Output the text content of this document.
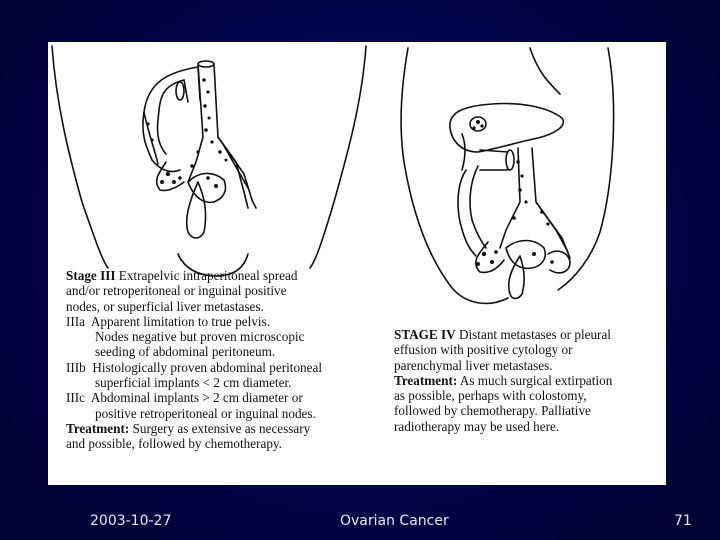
Stage III Extrapelvic intraperitoneal spread
and/or retroperitoneal or inguinal positive
nodes, or superficial liver metastases.
IIIa Apparent limitation to true pelvis.
Nodes negative but proven microscopic
seeding of abdominal peritoneum.
IIIb Histologically proven abdominal peritoneal
superficial implants < 2 cm diameter.
IIIc Abdominal implants > 2 cm diameter or
positive retroperitoneal or inguinal nodes.
Treatment: Surgery as extensive as necessary
and possible, followed by chemotherapy.
STAGE IV Distant metastases or pleural
effusion with positive cytology or
parenchymal liver metastases.
Treatment: As much surgical extirpation
as possible, perhaps with colostomy,
followed by chemotherapy. Palliative
radiotherapy may be used here.
2003-10-27	Ovarian Cancer	71
